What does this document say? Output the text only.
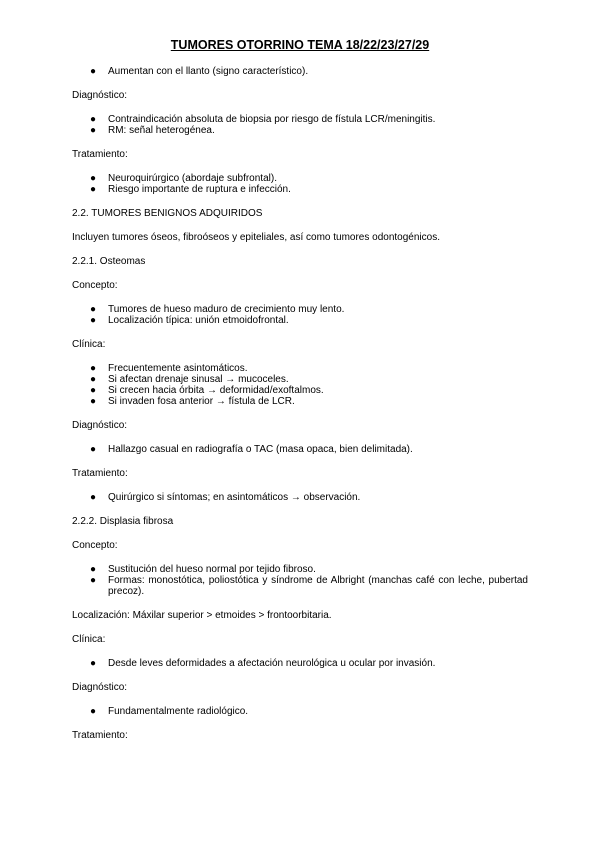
TUMORES OTORRINO TEMA 18/22/23/27/29
● Aumentan con el llanto (signo característico).
Diagnóstico:
● Contraindicación absoluta de biopsia por riesgo de fístula LCR/meningitis.
● RM: señal heterogénea.
Tratamiento:
● Neuroquirúrgico (abordaje subfrontal).
● Riesgo importante de ruptura e infección.
2.2. TUMORES BENIGNOS ADQUIRIDOS
Incluyen tumores óseos, fibroóseos y epiteliales, así como tumores odontogénicos.
2.2.1. Osteomas
Concepto:
● Tumores de hueso maduro de crecimiento muy lento.
● Localización típica: unión etmoidofrontal.
Clínica:
● Frecuentemente asintomáticos.
● Si afectan drenaje sinusal → mucoceles.
● Si crecen hacia órbita → deformidad/exoftalmos.
● Si invaden fosa anterior → fístula de LCR.
Diagnóstico:
● Hallazgo casual en radiografía o TAC (masa opaca, bien delimitada).
Tratamiento:
● Quirúrgico si síntomas; en asintomáticos → observación.
2.2.2. Displasia fibrosa
Concepto:
● Sustitución del hueso normal por tejido fibroso.
● Formas: monostótica, poliostótica y síndrome de Albright (manchas café con leche, pubertad precoz).
Localización: Máxilar superior > etmoides > frontoorbitaria.
Clínica:
● Desde leves deformidades a afectación neurológica u ocular por invasión.
Diagnóstico:
● Fundamentalmente radiológico.
Tratamiento:
